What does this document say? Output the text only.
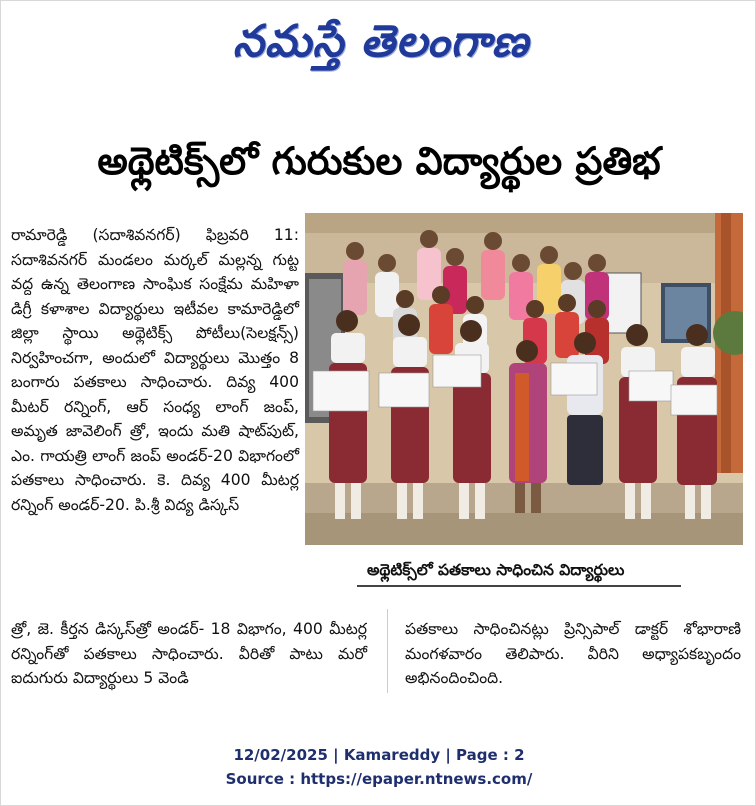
నమస్తే తెలంగాణ
అథ్లెటిక్స్‌లో గురుకుల విద్యార్థుల ప్రతిభ
రామారెడ్డి (సదాశివనగర్) ఫిబ్రవరి 11: సదాశివనగర్ మండలం మర్కల్ మల్లన్న గుట్ట వద్ద ఉన్న తెలంగాణ సాంఘిక సంక్షేమ మహిళా డిగ్రీ కళాశాల విద్యార్థులు ఇటీవల కామారెడ్డిలో జిల్లా స్థాయి అథ్లెటిక్స్ పోటీలు(సెలక్షన్స్) నిర్వహించగా, అందులో విద్యార్థులు మొత్తం 8 బంగారు పతకాలు సాధించారు. దివ్య 400 మీటర్ రన్నింగ్, ఆర్ సంధ్య లాంగ్ జంప్, అమృత జావెలింగ్ త్రో, ఇందు మతి షాట్‌పుట్, ఎం. గాయత్రి లాంగ్ జంప్ అండర్-20 విభాగంలో పతకాలు సాధించారు. కె. దివ్య 400 మీటర్ల రన్నింగ్ అండర్-20. పి.శ్రీ విద్య డిస్కస్
అథ్లెటిక్స్‌లో పతకాలు సాధించిన విద్యార్థులు
త్రో, జె. కీర్తన డిస్కస్‌త్రో అండర్- 18 విభాగం, 400 మీటర్ల రన్నింగ్‌తో పతకాలు సాధించారు. వీరితో పాటు మరో ఐదుగురు విద్యార్థులు 5 వెండి
పతకాలు సాధించినట్లు ప్రిన్సిపాల్ డాక్టర్ శోభారాణి మంగళవారం తెలిపారు. వీరిని అధ్యాపకబృందం అభినందించింది.
12/02/2025 | Kamareddy | Page : 2
Source : https://epaper.ntnews.com/
